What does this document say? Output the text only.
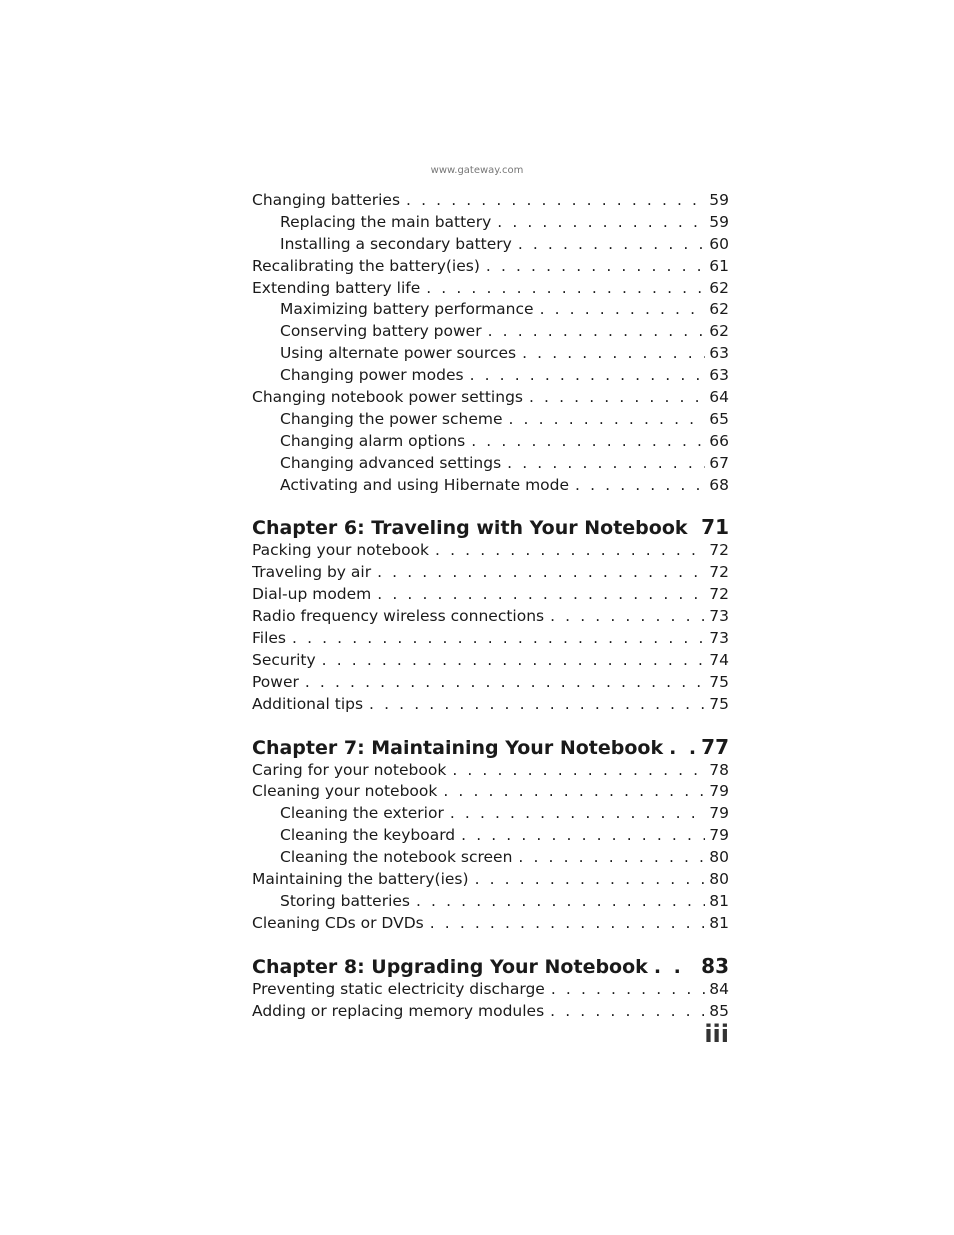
www.gateway.com
Changing batteries . . .	59
Replacing the main battery . . .	59
Installing a secondary battery . . .	60
Recalibrating the battery(ies) . . .	61
Extending battery life . . .	62
Maximizing battery performance . . .	62
Conserving battery power . . .	62
Using alternate power sources . . .	63
Changing power modes . . .	63
Changing notebook power settings . . .	64
Changing the power scheme . . .	65
Changing alarm options . . .	66
Changing advanced settings . . .	67
Activating and using Hibernate mode . . .	68
Chapter 6: Traveling with Your Notebook . . . 71
Packing your notebook . . .	72
Traveling by air . . .	72
Dial-up modem . . .	72
Radio frequency wireless connections . . .	73
Files . . .	73
Security . . .	74
Power . . .	75
Additional tips . . .	75
Chapter 7: Maintaining Your Notebook . . .	77
Caring for your notebook . . .	78
Cleaning your notebook . . .	79
Cleaning the exterior . . .	79
Cleaning the keyboard . . .	79
Cleaning the notebook screen . . .	80
Maintaining the battery(ies) . . .	80
Storing batteries . . .	81
Cleaning CDs or DVDs . . .	81
Chapter 8: Upgrading Your Notebook . . .	83
Preventing static electricity discharge . . .	84
Adding or replacing memory modules . . .	85
iii
